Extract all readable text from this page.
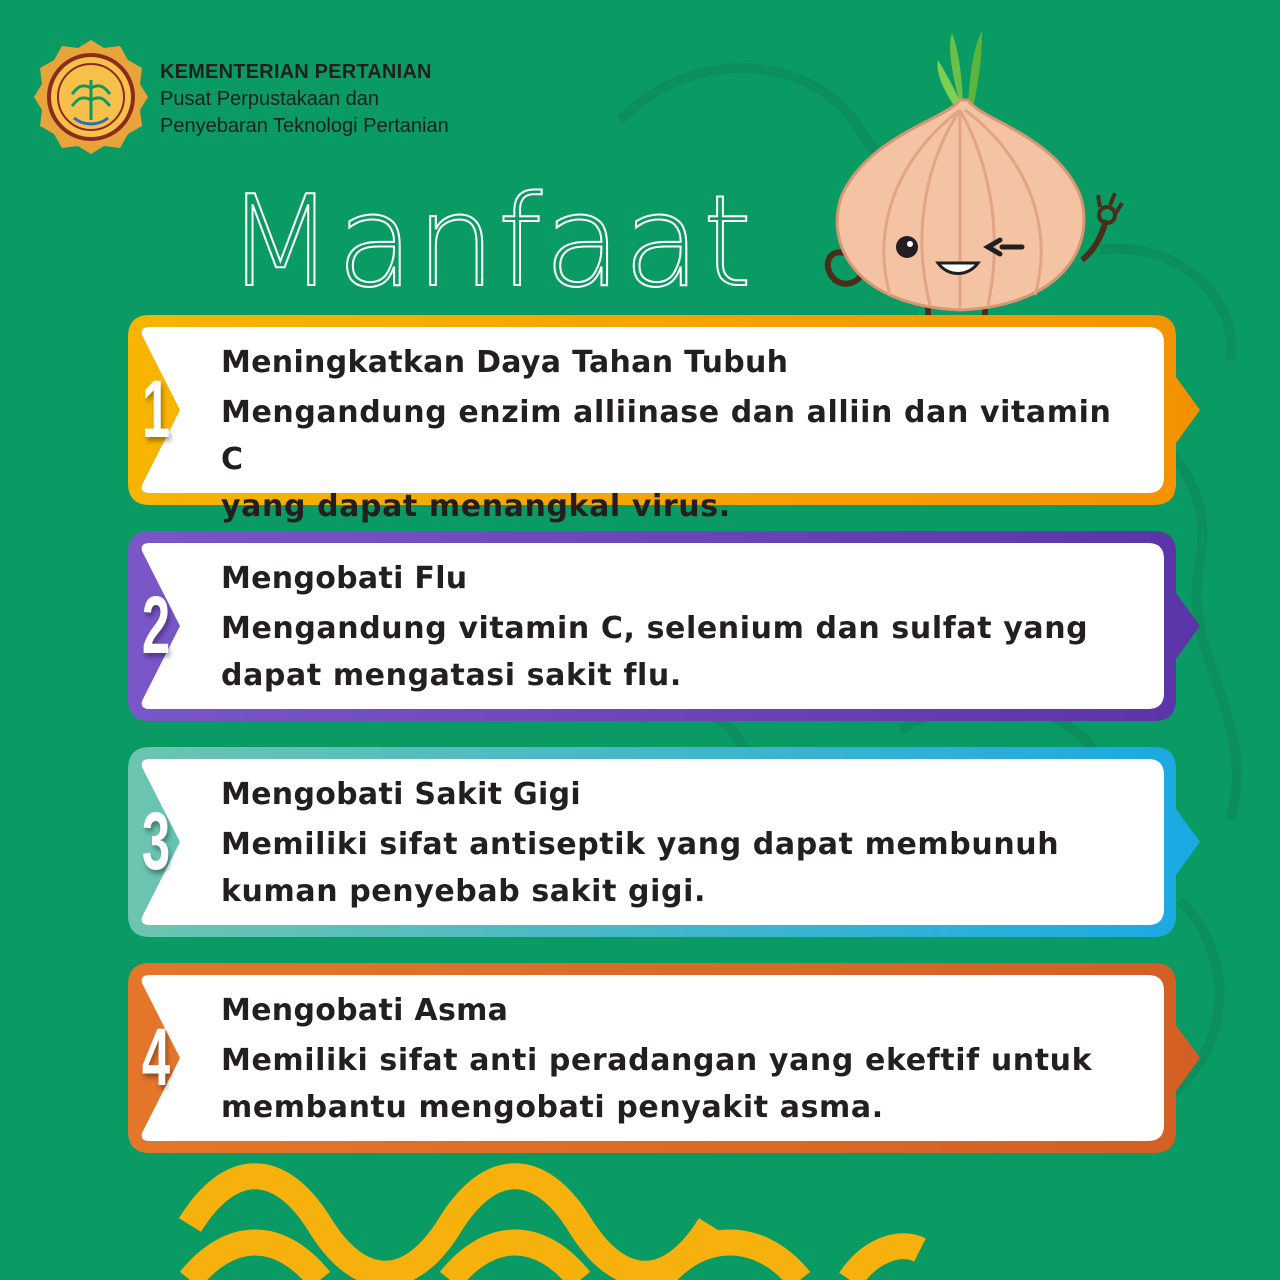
KEMENTERIAN PERTANIAN
Pusat Perpustakaan dan
Penyebaran Teknologi Pertanian
Manfaat
1
Meningkatkan Daya Tahan Tubuh
Mengandung enzim alliinase dan alliin dan vitamin C
yang dapat menangkal virus.
2
Mengobati Flu
Mengandung vitamin C, selenium dan sulfat yang
dapat mengatasi sakit flu.
3
Mengobati Sakit Gigi
Memiliki sifat antiseptik yang dapat membunuh
kuman penyebab sakit gigi.
4
Mengobati Asma
Memiliki sifat anti peradangan yang ekeftif untuk
membantu mengobati penyakit asma.
